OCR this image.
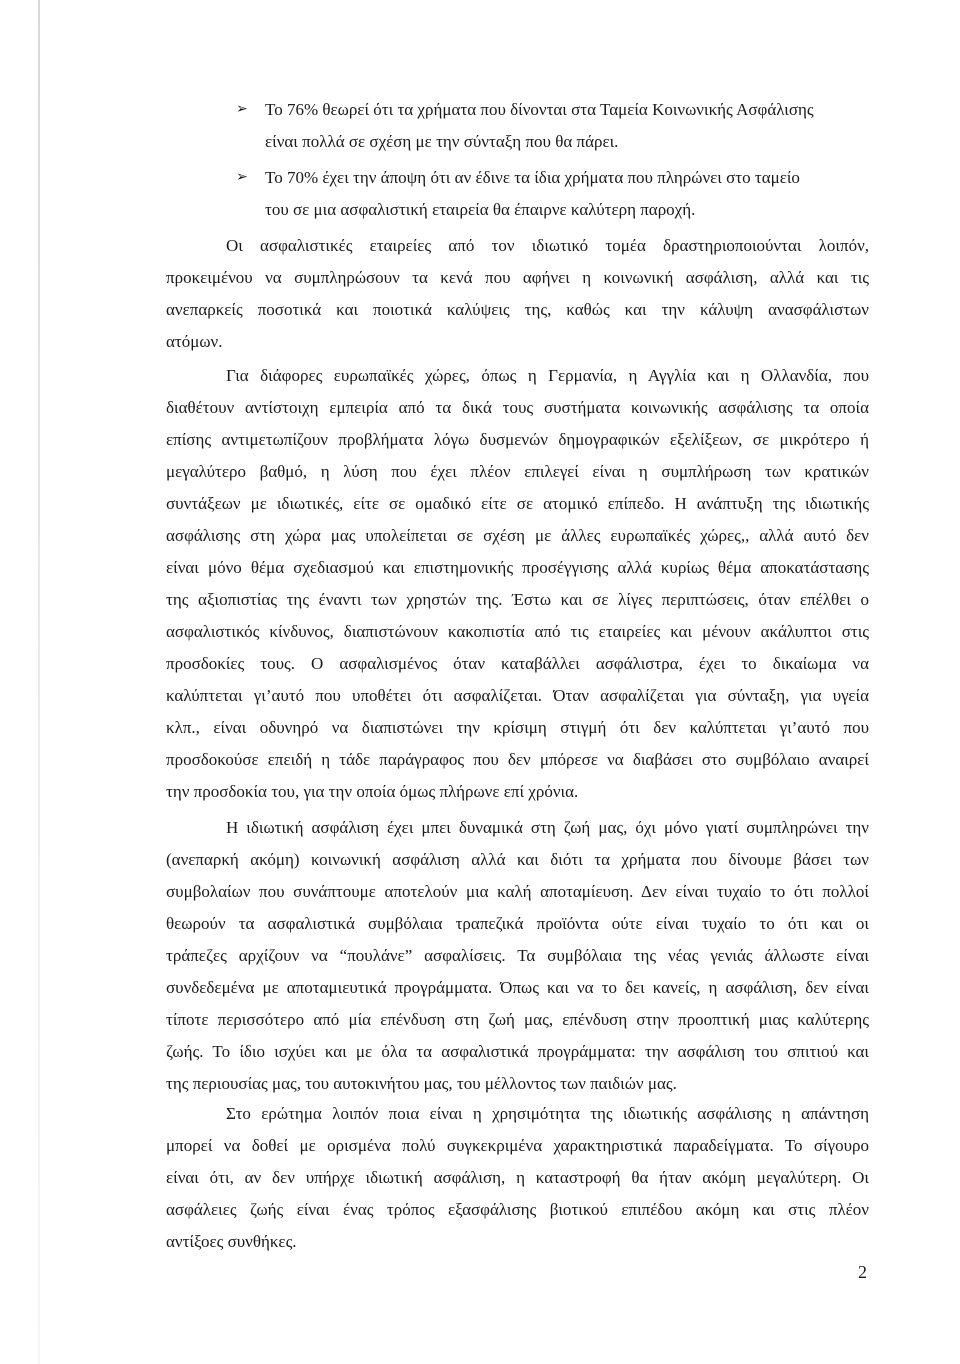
➢	Το 76% θεωρεί ότι τα χρήματα που δίνονται στα Ταμεία Κοινωνικής Ασφάλισης
είναι πολλά σε σχέση με την σύνταξη που θα πάρει.
➢	Το 70% έχει την άποψη ότι αν έδινε τα ίδια χρήματα που πληρώνει στο ταμείο
του σε μια ασφαλιστική εταιρεία θα έπαιρνε καλύτερη παροχή.
Οι ασφαλιστικές εταιρείες από τον ιδιωτικό τομέα δραστηριοποιούνται λοιπόν,
προκειμένου να συμπληρώσουν τα κενά που αφήνει η κοινωνική ασφάλιση, αλλά και τις
ανεπαρκείς ποσοτικά και ποιοτικά καλύψεις της, καθώς και την κάλυψη ανασφάλιστων
ατόμων.
Για διάφορες ευρωπαϊκές χώρες, όπως η Γερμανία, η Αγγλία και η Ολλανδία, που
διαθέτουν αντίστοιχη εμπειρία από τα δικά τους συστήματα κοινωνικής ασφάλισης τα οποία
επίσης αντιμετωπίζουν προβλήματα λόγω δυσμενών δημογραφικών εξελίξεων, σε μικρότερο ή
μεγαλύτερο βαθμό, η λύση που έχει πλέον επιλεγεί είναι η συμπλήρωση των κρατικών
συντάξεων με ιδιωτικές, είτε σε ομαδικό είτε σε ατομικό επίπεδο. Η ανάπτυξη της ιδιωτικής
ασφάλισης στη χώρα μας υπολείπεται σε σχέση με άλλες ευρωπαϊκές χώρες,, αλλά αυτό δεν
είναι μόνο θέμα σχεδιασμού και επιστημονικής προσέγγισης αλλά κυρίως θέμα αποκατάστασης
της αξιοπιστίας της έναντι των χρηστών της. Έστω και σε λίγες περιπτώσεις, όταν επέλθει ο
ασφαλιστικός κίνδυνος, διαπιστώνουν κακοπιστία από τις εταιρείες και μένουν ακάλυπτοι στις
προσδοκίες τους. Ο ασφαλισμένος όταν καταβάλλει ασφάλιστρα, έχει το δικαίωμα να
καλύπτεται γι’αυτό που υποθέτει ότι ασφαλίζεται. Όταν ασφαλίζεται για σύνταξη, για υγεία
κλπ., είναι οδυνηρό να διαπιστώνει την κρίσιμη στιγμή ότι δεν καλύπτεται γι’αυτό που
προσδοκούσε επειδή η τάδε παράγραφος που δεν μπόρεσε να διαβάσει στο συμβόλαιο αναιρεί
την προσδοκία του, για την οποία όμως πλήρωνε επί χρόνια.
Η ιδιωτική ασφάλιση έχει μπει δυναμικά στη ζωή μας, όχι μόνο γιατί συμπληρώνει την
(ανεπαρκή ακόμη) κοινωνική ασφάλιση αλλά και διότι τα χρήματα που δίνουμε βάσει των
συμβολαίων που συνάπτουμε αποτελούν μια καλή αποταμίευση. Δεν είναι τυχαίο το ότι πολλοί
θεωρούν τα ασφαλιστικά συμβόλαια τραπεζικά προϊόντα ούτε είναι τυχαίο το ότι και οι
τράπεζες αρχίζουν να “πουλάνε” ασφαλίσεις. Τα συμβόλαια της νέας γενιάς άλλωστε είναι
συνδεδεμένα με αποταμιευτικά προγράμματα. Όπως και να το δει κανείς, η ασφάλιση, δεν είναι
τίποτε περισσότερο από μία επένδυση στη ζωή μας, επένδυση στην προοπτική μιας καλύτερης
ζωής. Το ίδιο ισχύει και με όλα τα ασφαλιστικά προγράμματα: την ασφάλιση του σπιτιού και
της περιουσίας μας, του αυτοκινήτου μας, του μέλλοντος των παιδιών μας.
Στο ερώτημα λοιπόν ποια είναι η χρησιμότητα της ιδιωτικής ασφάλισης η απάντηση
μπορεί να δοθεί με ορισμένα πολύ συγκεκριμένα χαρακτηριστικά παραδείγματα. Το σίγουρο
είναι ότι, αν δεν υπήρχε ιδιωτική ασφάλιση, η καταστροφή θα ήταν ακόμη μεγαλύτερη. Οι
ασφάλειες ζωής είναι ένας τρόπος εξασφάλισης βιοτικού επιπέδου ακόμη και στις πλέον
αντίξοες συνθήκες.
2
